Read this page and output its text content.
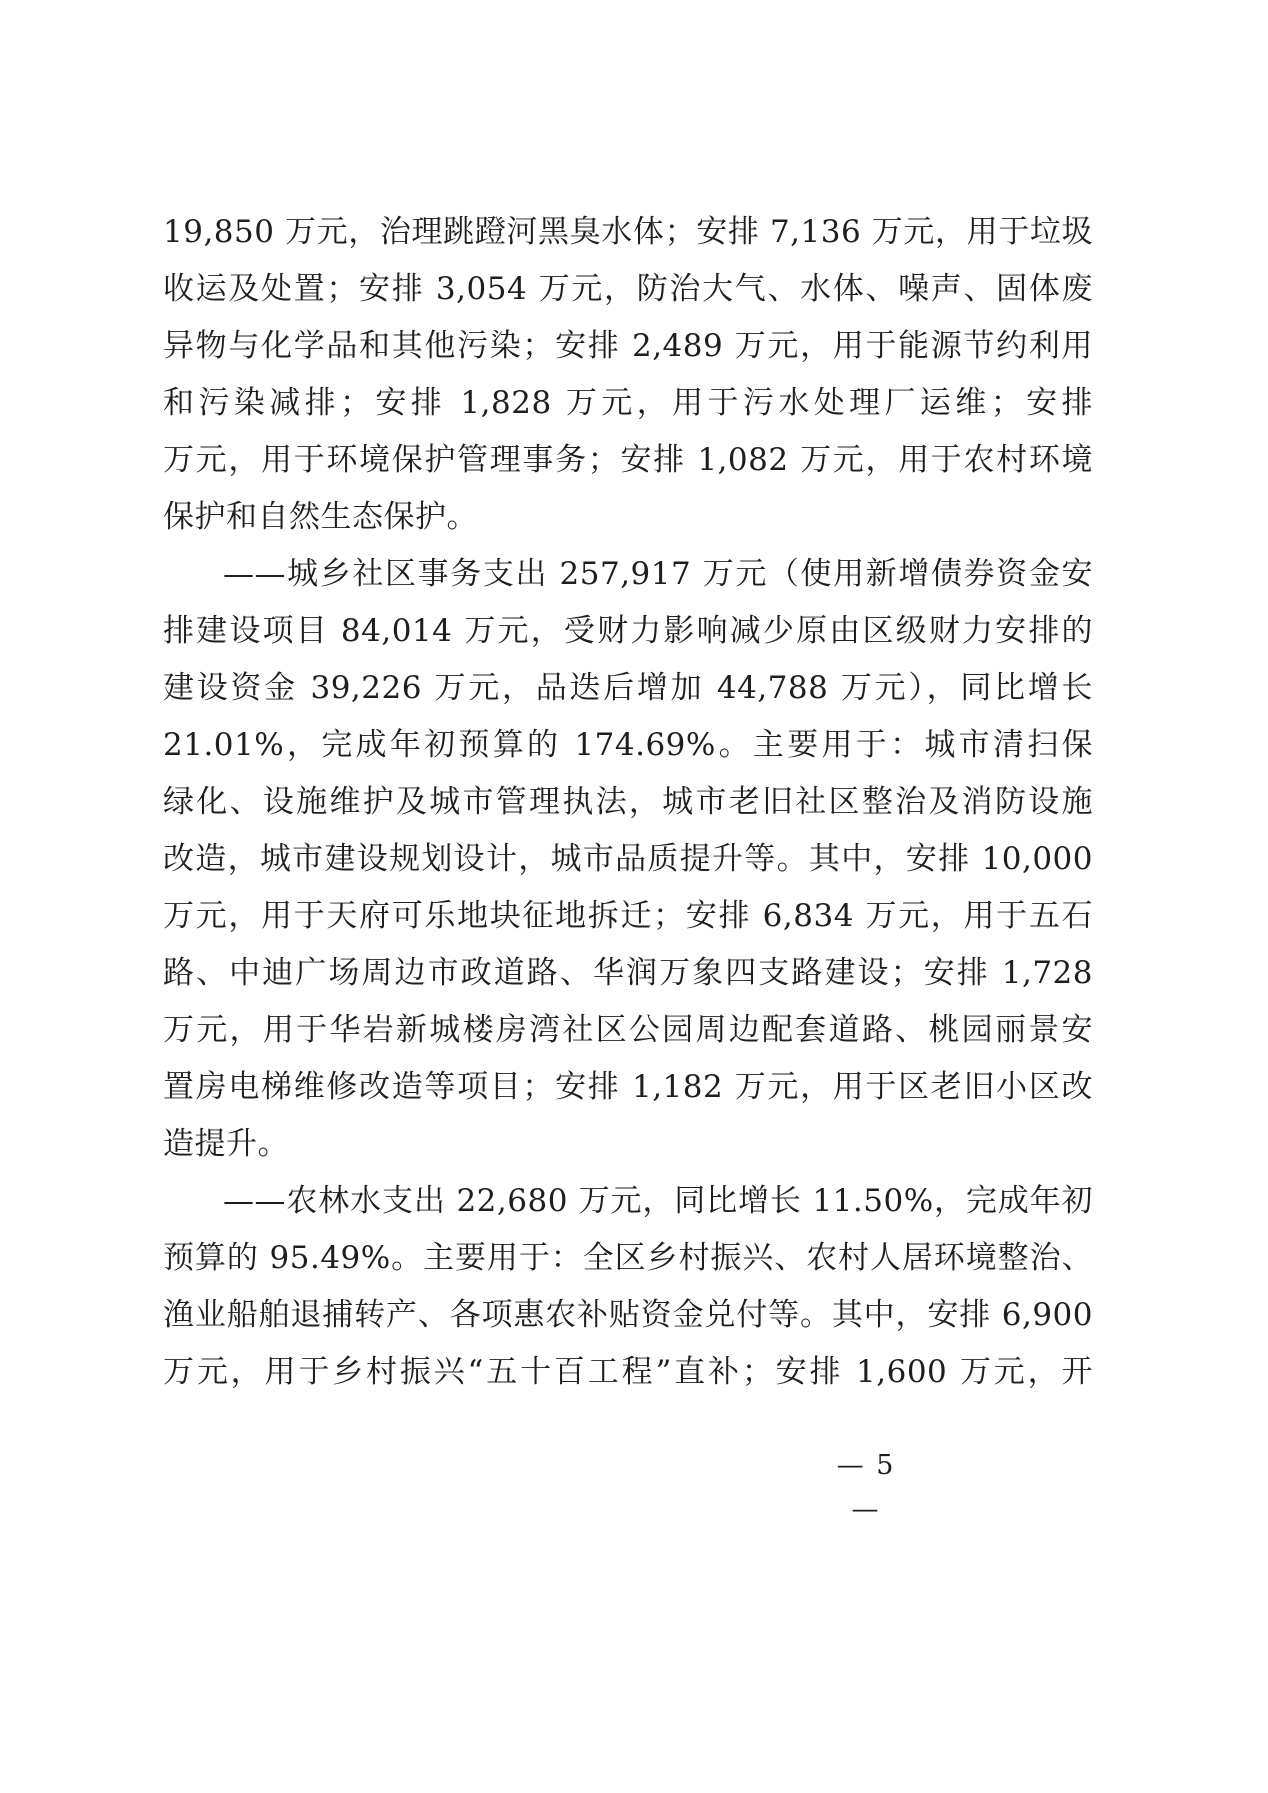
19,850 万元，治理跳蹬河黑臭水体；安排 7,136 万元，用于垃圾
收运及处置；安排 3,054 万元，防治大气、水体、噪声、固体废
异物与化学品和其他污染；安排 2,489 万元，用于能源节约利用
和污染减排；安排 1,828 万元，用于污水处理厂运维；安排
万元，用于环境保护管理事务；安排 1,082 万元，用于农村环境
保护和自然生态保护。
——城乡社区事务支出 257,917 万元（使用新增债券资金安
排建设项目 84,014 万元，受财力影响减少原由区级财力安排的
建设资金 39,226 万元，品迭后增加 44,788 万元），同比增长
21.01%，完成年初预算的 174.69%。主要用于：城市清扫保
绿化、设施维护及城市管理执法，城市老旧社区整治及消防设施
改造，城市建设规划设计，城市品质提升等。其中，安排 10,000
万元，用于天府可乐地块征地拆迁；安排 6,834 万元，用于五石
路、中迪广场周边市政道路、华润万象四支路建设；安排 1,728
万元，用于华岩新城楼房湾社区公园周边配套道路、桃园丽景安
置房电梯维修改造等项目；安排 1,182 万元，用于区老旧小区改
造提升。
——农林水支出 22,680 万元，同比增长 11.50%，完成年初
预算的 95.49%。主要用于：全区乡村振兴、农村人居环境整治、
渔业船舶退捕转产、各项惠农补贴资金兑付等。其中，安排 6,900
万元，用于乡村振兴“五十百工程”直补；安排 1,600 万元，开
— 5 —
